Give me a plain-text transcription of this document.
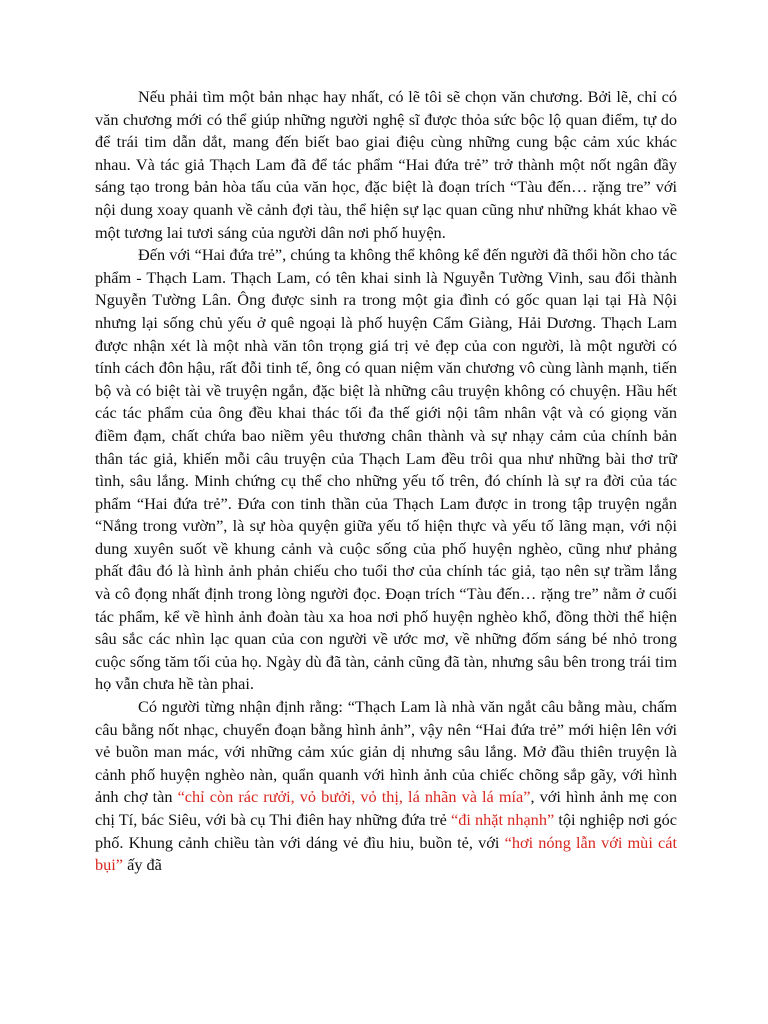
Nếu phải tìm một bản nhạc hay nhất, có lẽ tôi sẽ chọn văn chương. Bởi lẽ, chỉ có văn chương mới có thể giúp những người nghệ sĩ được thỏa sức bộc lộ quan điểm, tự do để trái tim dẫn dắt, mang đến biết bao giai điệu cùng những cung bậc cảm xúc khác nhau. Và tác giả Thạch Lam đã để tác phẩm “Hai đứa trẻ” trở thành một nốt ngân đầy sáng tạo trong bản hòa tấu của văn học, đặc biệt là đoạn trích “Tàu đến… rặng tre” với nội dung xoay quanh về cảnh đợi tàu, thể hiện sự lạc quan cũng như những khát khao về một tương lai tươi sáng của người dân nơi phố huyện.

Đến với “Hai đứa trẻ”, chúng ta không thể không kể đến người đã thổi hồn cho tác phẩm - Thạch Lam. Thạch Lam, có tên khai sinh là Nguyễn Tường Vinh, sau đổi thành Nguyễn Tường Lân. Ông được sinh ra trong một gia đình có gốc quan lại tại Hà Nội nhưng lại sống chủ yếu ở quê ngoại là phố huyện Cẩm Giàng, Hải Dương. Thạch Lam được nhận xét là một nhà văn tôn trọng giá trị vẻ đẹp của con người, là một người có tính cách đôn hậu, rất đỗi tinh tế, ông có quan niệm văn chương vô cùng lành mạnh, tiến bộ và có biệt tài về truyện ngắn, đặc biệt là những câu truyện không có chuyện. Hầu hết các tác phẩm của ông đều khai thác tối đa thế giới nội tâm nhân vật và có giọng văn điềm đạm, chất chứa bao niềm yêu thương chân thành và sự nhạy cảm của chính bản thân tác giả, khiến mỗi câu truyện của Thạch Lam đều trôi qua như những bài thơ trữ tình, sâu lắng. Minh chứng cụ thể cho những yếu tố trên, đó chính là sự ra đời của tác phẩm “Hai đứa trẻ”. Đứa con tinh thần của Thạch Lam được in trong tập truyện ngắn “Nắng trong vườn”, là sự hòa quyện giữa yếu tố hiện thực và yếu tố lãng mạn, với nội dung xuyên suốt về khung cảnh và cuộc sống của phố huyện nghèo, cũng như phảng phất đâu đó là hình ảnh phản chiếu cho tuổi thơ của chính tác giả, tạo nên sự trầm lắng và cô đọng nhất định trong lòng người đọc. Đoạn trích “Tàu đến… rặng tre” nằm ở cuối tác phẩm, kể về hình ảnh đoàn tàu xa hoa nơi phố huyện nghèo khổ, đồng thời thể hiện sâu sắc các nhìn lạc quan của con người về ước mơ, về những đốm sáng bé nhỏ trong cuộc sống tăm tối của họ. Ngày dù đã tàn, cảnh cũng đã tàn, nhưng sâu bên trong trái tim họ vẫn chưa hề tàn phai.

Có người từng nhận định rằng: “Thạch Lam là nhà văn ngắt câu bằng màu, chấm câu bằng nốt nhạc, chuyển đoạn bằng hình ảnh”, vậy nên “Hai đứa trẻ” mới hiện lên với vẻ buồn man mác, với những cảm xúc giản dị nhưng sâu lắng. Mở đầu thiên truyện là cảnh phố huyện nghèo nàn, quẩn quanh với hình ảnh của chiếc chõng sắp gãy, với hình ảnh chợ tàn “chỉ còn rác rưởi, vỏ bưởi, vỏ thị, lá nhãn và lá mía”, với hình ảnh mẹ con chị Tí, bác Siêu, với bà cụ Thi điên hay những đứa trẻ “đi nhặt nhạnh” tội nghiệp nơi góc phố. Khung cảnh chiều tàn với dáng vẻ đìu hiu, buồn tẻ, với “hơi nóng lẫn với mùi cát bụi” ấy đã
